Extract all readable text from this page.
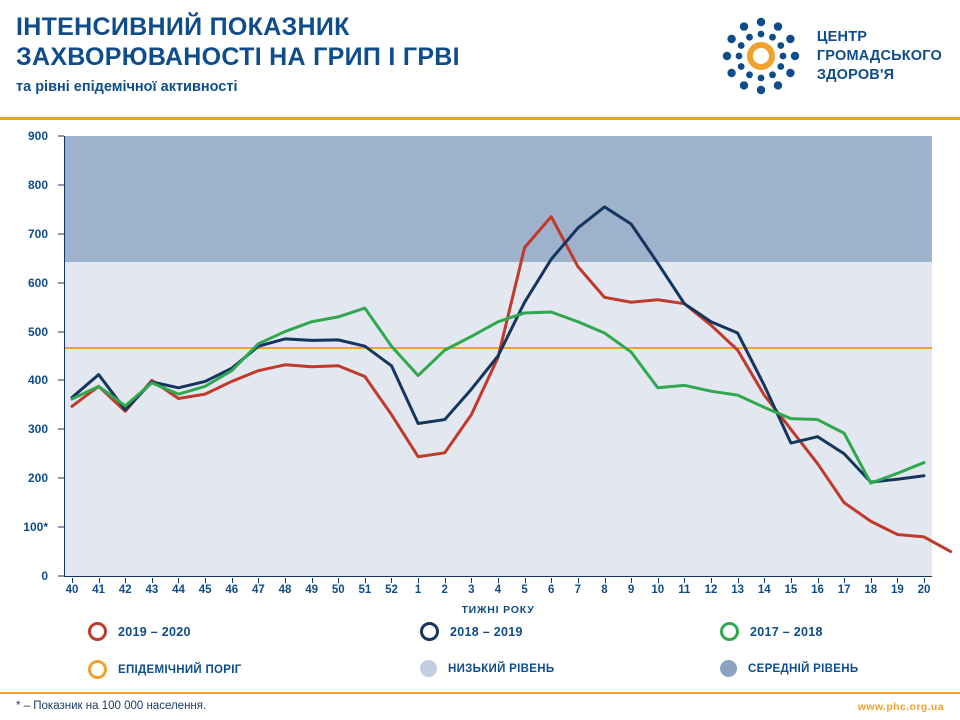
ІНТЕНСИВНИЙ ПОКАЗНИК
ЗАХВОРЮВАНОСТІ НА ГРИП І ГРВІ
та рівні епідемічної активності
ЦЕНТР
ГРОМАДСЬКОГО
ЗДОРОВ'Я
0
100*
200
300
400
500
600
700
800
900
40 41 42 43 44 45 46 47 48 49 50 51 52 1 2 3 4 5 6 7 8 9 10 11 12 13 14 15 16 17 18 19 20
ТИЖНІ РОКУ
2019 – 2020	2018 – 2019	2017 – 2018
ЕПІДЕМІЧНИЙ ПОРІГ	НИЗЬКИЙ РІВЕНЬ	СЕРЕДНІЙ РІВЕНЬ
* – Показник на 100 000 населення.	www.phc.org.ua
